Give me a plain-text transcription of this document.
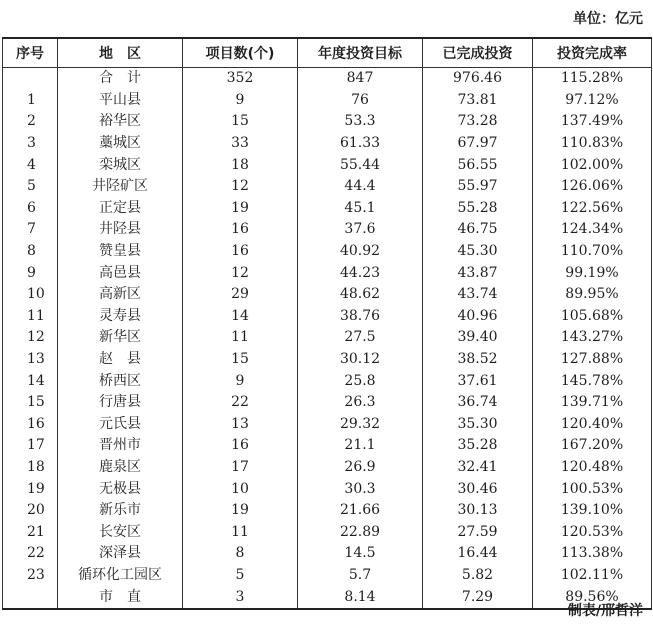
单位：亿元
序号	地　区	项目数(个)	年度投资目标	已完成投资	投资完成率
	合　计	352	847	976.46	115.28%
1	平山县	9	76	73.81	97.12%
2	裕华区	15	53.3	73.28	137.49%
3	藁城区	33	61.33	67.97	110.83%
4	栾城区	18	55.44	56.55	102.00%
5	井陉矿区	12	44.4	55.97	126.06%
6	正定县	19	45.1	55.28	122.56%
7	井陉县	16	37.6	46.75	124.34%
8	赞皇县	16	40.92	45.30	110.70%
9	高邑县	12	44.23	43.87	99.19%
10	高新区	29	48.62	43.74	89.95%
11	灵寿县	14	38.76	40.96	105.68%
12	新华区	11	27.5	39.40	143.27%
13	赵　县	15	30.12	38.52	127.88%
14	桥西区	9	25.8	37.61	145.78%
15	行唐县	22	26.3	36.74	139.71%
16	元氏县	13	29.32	35.30	120.40%
17	晋州市	16	21.1	35.28	167.20%
18	鹿泉区	17	26.9	32.41	120.48%
19	无极县	10	30.3	30.46	100.53%
20	新乐市	19	21.66	30.13	139.10%
21	长安区	11	22.89	27.59	120.53%
22	深泽县	8	14.5	16.44	113.38%
23	循环化工园区	5	5.7	5.82	102.11%
	市　直	3	8.14	7.29	89.56%
制表/邢哲洋
